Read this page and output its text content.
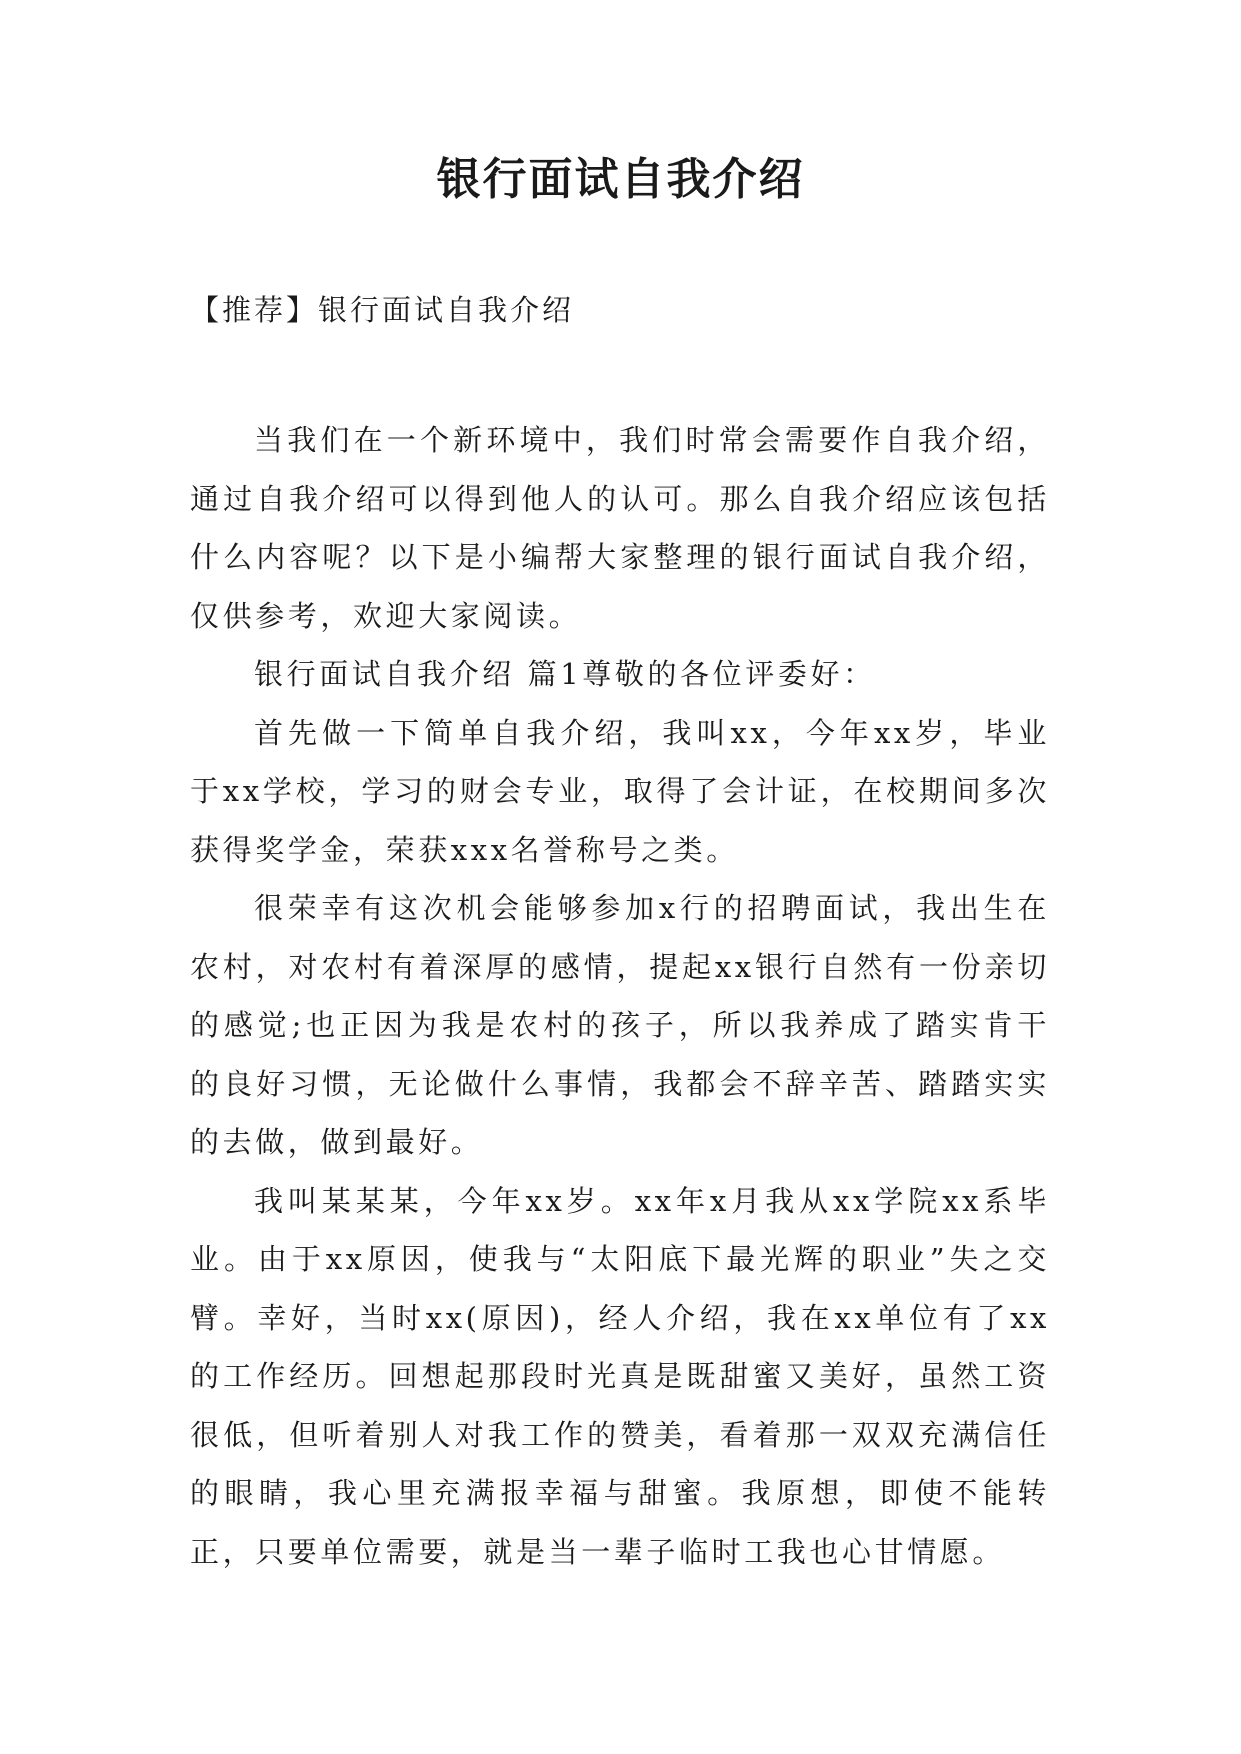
银行面试自我介绍

【推荐】银行面试自我介绍

当我们在一个新环境中，我们时常会需要作自我介绍，通过自我介绍可以得到他人的认可。那么自我介绍应该包括什么内容呢？以下是小编帮大家整理的银行面试自我介绍，仅供参考，欢迎大家阅读。

银行面试自我介绍 篇1尊敬的各位评委好：

首先做一下简单自我介绍，我叫xx，今年xx岁，毕业于xx学校，学习的财会专业，取得了会计证，在校期间多次获得奖学金，荣获xxx名誉称号之类。

很荣幸有这次机会能够参加x行的招聘面试，我出生在农村，对农村有着深厚的感情，提起xx银行自然有一份亲切的感觉;也正因为我是农村的孩子，所以我养成了踏实肯干的良好习惯，无论做什么事情，我都会不辞辛苦、踏踏实实的去做，做到最好。

我叫某某某，今年xx岁。xx年x月我从xx学院xx系毕业。由于xx原因，使我与“太阳底下最光辉的职业”失之交臂。幸好，当时xx(原因)，经人介绍，我在xx单位有了xx的工作经历。回想起那段时光真是既甜蜜又美好，虽然工资很低，但听着别人对我工作的赞美，看着那一双双充满信任的眼睛，我心里充满报幸福与甜蜜。我原想，即使不能转正，只要单位需要，就是当一辈子临时工我也心甘情愿。
